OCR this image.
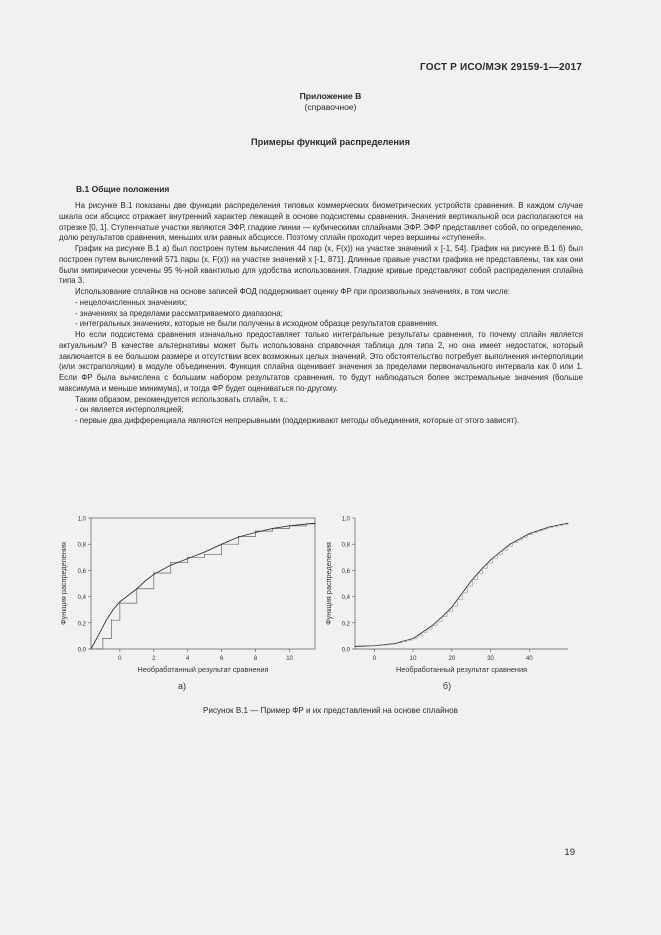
ГОСТ Р ИСО/МЭК 29159-1—2017
Приложение В
(справочное)
Примеры функций распределения
В.1 Общие положения

На рисунке В.1 показаны две функции распределения типовых коммерческих биометрических устройств сравнения. В каждом случае шкала оси абсцисс отражает внутренний характер лежащей в основе подсистемы сравнения. Значения вертикальной оси располагаются на отрезке [0, 1]. Ступенчатые участки являются ЭФР, гладкие линии — кубическими сплайнами ЭФР. ЭФР представляет собой, по определению, долю результатов сравнения, меньших или равных абсциссе. Поэтому сплайн проходит через вершины «ступеней».

График на рисунке В.1 а) был построен путем вычисления 44 пар (x, F(x)) на участке значений x [-1, 54]. График на рисунке В.1 б) был построен путем вычислений 571 пары (x, F(x)) на участке значений x [-1, 871]. Длинные правые участки графика не представлены, так как они были эмпирически усечены 95 %-ной квантилью для удобства использования. Гладкие кривые представляют собой распределения сплайна типа 3.

Использование сплайнов на основе записей ФОД поддерживает оценку ФР при произвольных значениях, в том числе:

- нецелочисленных значениях;

- значениях за пределами рассматриваемого диапазона;

- интегральных значениях, которые не были получены в исходном образце результатов сравнения.

Но если подсистема сравнения изначально предоставляет только интегральные результаты сравнения, то почему сплайн является актуальным? В качестве альтернативы может быть использована справочная таблица для типа 2, но она имеет недостаток, который заключается в ее большом размере и отсутствии всех возможных целых значений. Это обстоятельство потребует выполнения интерполяции (или экстраполяции) в модуле объединения. Функция сплайна оценивает значения за пределами первоначального интервала как 0 или 1. Если ФР была вычислена с большим набором результатов сравнения, то будут наблюдаться более экстремальные значения (больше максимума и меньше минимума), и тогда ФР будет оцениваться по-другому.

Таким образом, рекомендуется использовать сплайн, т. к.:

- он является интерполяцией;

- первые два дифференциала являются непрерывными (поддерживают методы объединения, которые от этого зависят).

0,0
0,2
0,4
0,6
0,8
1,0
0	2	4	6	8	10
Функция распределения
Необработанный результат сравнения
а)
0,0
0,2
0,4
0,6
0,8
1,0
0	10	20	30	40
Функция распределения
Необработанный результат сравнения
б)
Рисунок В.1 — Пример ФР и их представлений на основе сплайнов
19
